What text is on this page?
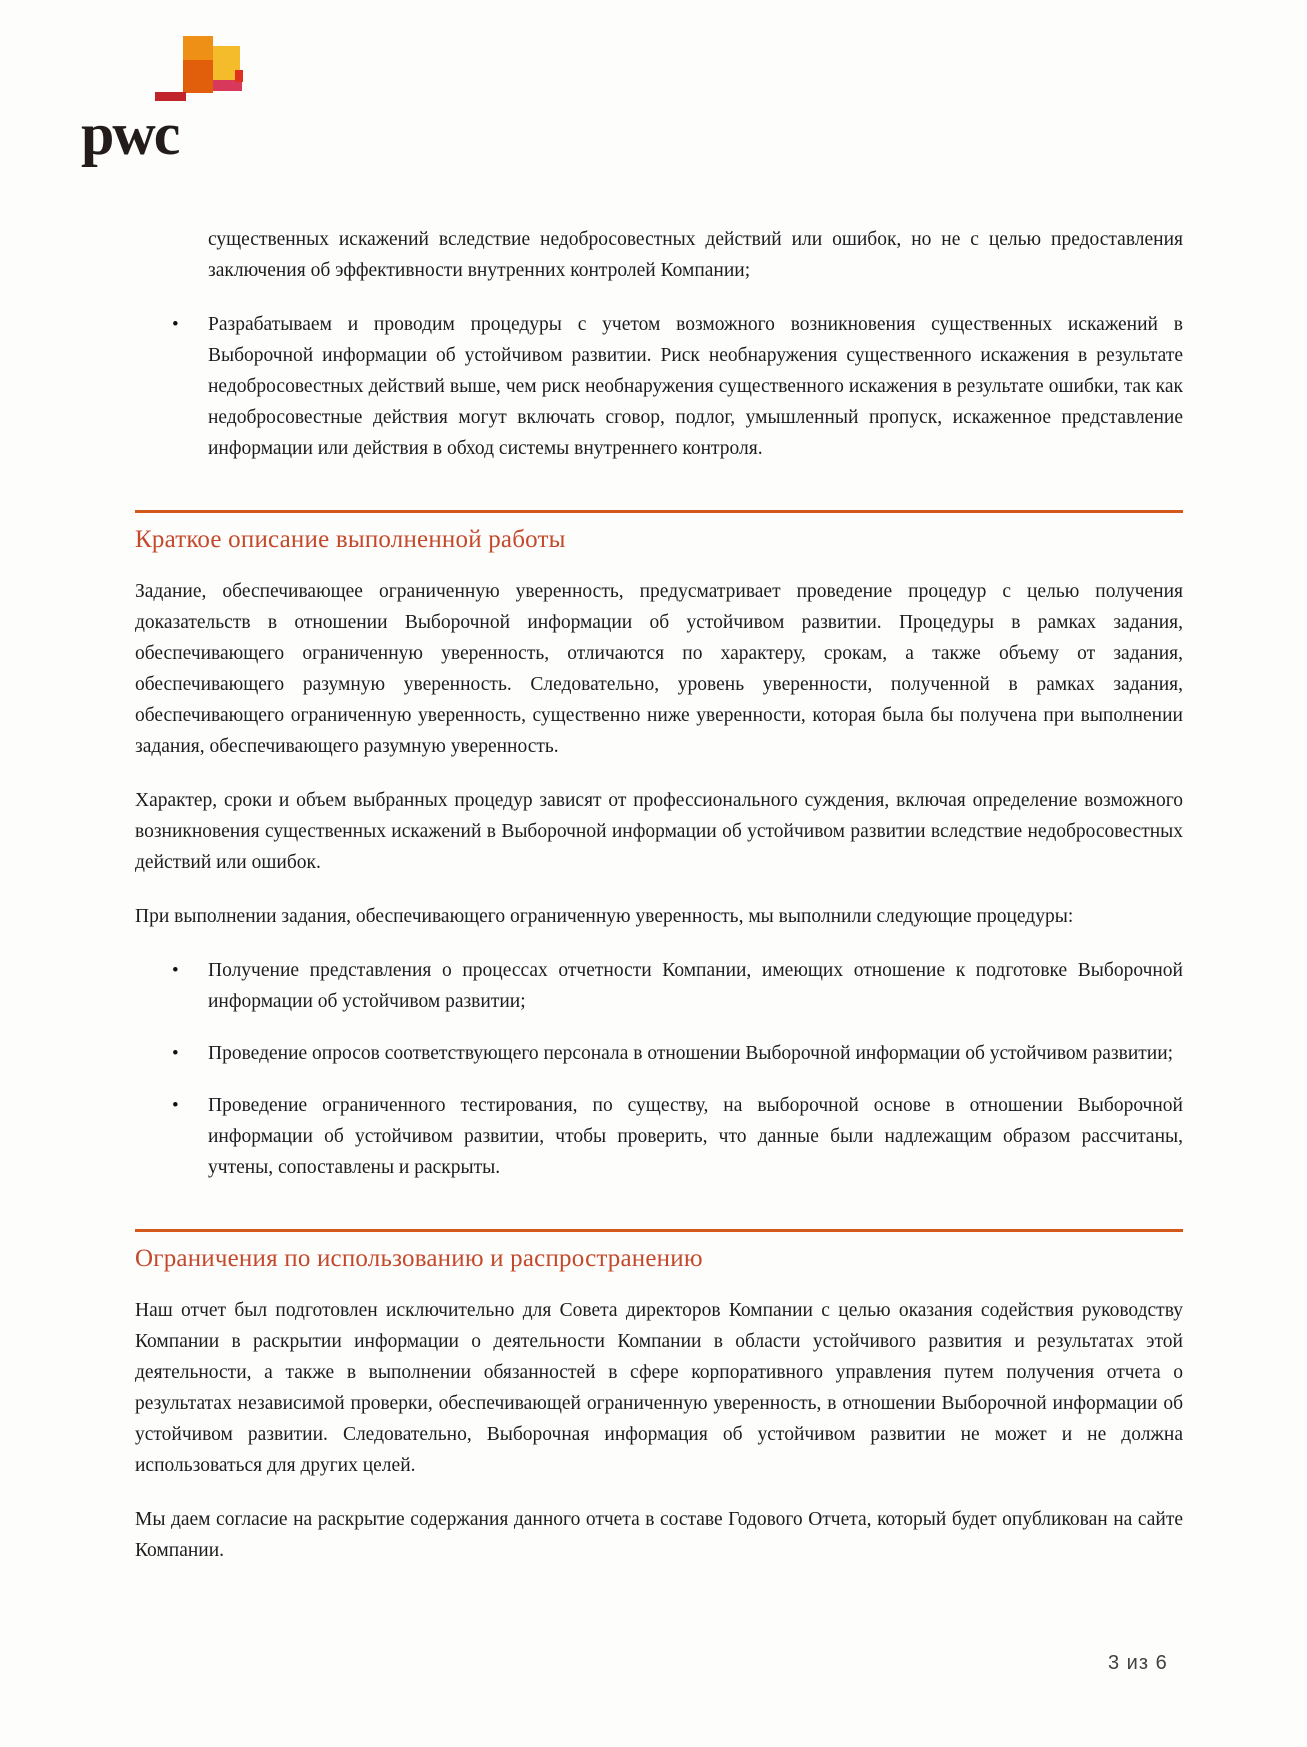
pwc

существенных искажений вследствие недобросовестных действий или ошибок, но не с целью предоставления заключения об эффективности внутренних контролей Компании;

• Разрабатываем и проводим процедуры с учетом возможного возникновения существенных искажений в Выборочной информации об устойчивом развитии. Риск необнаружения существенного искажения в результате недобросовестных действий выше, чем риск необнаружения существенного искажения в результате ошибки, так как недобросовестные действия могут включать сговор, подлог, умышленный пропуск, искаженное представление информации или действия в обход системы внутреннего контроля.
Краткое описание выполненной работы

Задание, обеспечивающее ограниченную уверенность, предусматривает проведение процедур с целью получения доказательств в отношении Выборочной информации об устойчивом развитии. Процедуры в рамках задания, обеспечивающего ограниченную уверенность, отличаются по характеру, срокам, а также объему от задания, обеспечивающего разумную уверенность. Следовательно, уровень уверенности, полученной в рамках задания, обеспечивающего ограниченную уверенность, существенно ниже уверенности, которая была бы получена при выполнении задания, обеспечивающего разумную уверенность.

Характер, сроки и объем выбранных процедур зависят от профессионального суждения, включая определение возможного возникновения существенных искажений в Выборочной информации об устойчивом развитии вследствие недобросовестных действий или ошибок.

При выполнении задания, обеспечивающего ограниченную уверенность, мы выполнили следующие процедуры:

• Получение представления о процессах отчетности Компании, имеющих отношение к подготовке Выборочной информации об устойчивом развитии;
• Проведение опросов соответствующего персонала в отношении Выборочной информации об устойчивом развитии;
• Проведение ограниченного тестирования, по существу, на выборочной основе в отношении Выборочной информации об устойчивом развитии, чтобы проверить, что данные были надлежащим образом рассчитаны, учтены, сопоставлены и раскрыты.
Ограничения по использованию и распространению

Наш отчет был подготовлен исключительно для Совета директоров Компании с целью оказания содействия руководству Компании в раскрытии информации о деятельности Компании в области устойчивого развития и результатах этой деятельности, а также в выполнении обязанностей в сфере корпоративного управления путем получения отчета о результатах независимой проверки, обеспечивающей ограниченную уверенность, в отношении Выборочной информации об устойчивом развитии. Следовательно, Выборочная информация об устойчивом развитии не может и не должна использоваться для других целей.

Мы даем согласие на раскрытие содержания данного отчета в составе Годового Отчета, который будет опубликован на сайте Компании.

3 из 6
